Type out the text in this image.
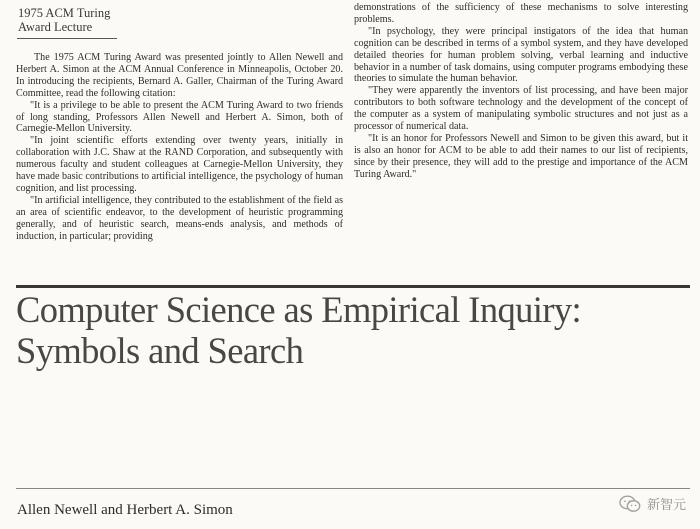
1975 ACM Turing
Award Lecture

The 1975 ACM Turing Award was presented jointly to Allen Newell and Herbert A. Simon at the ACM Annual Conference in Minneapolis, October 20. In introducing the recipients, Bernard A. Galler, Chairman of the Turing Award Committee, read the following citation:

"It is a privilege to be able to present the ACM Turing Award to two friends of long standing, Professors Allen Newell and Herbert A. Simon, both of Carnegie-Mellon University.

"In joint scientific efforts extending over twenty years, initially in collaboration with J.C. Shaw at the RAND Corporation, and subsequently with numerous faculty and student colleagues at Carnegie-Mellon University, they have made basic contributions to artificial intelligence, the psychology of human cognition, and list processing.

"In artificial intelligence, they contributed to the establishment of the field as an area of scientific endeavor, to the development of heuristic programming generally, and of heuristic search, means-ends analysis, and methods of induction, in particular; providing

demonstrations of the sufficiency of these mechanisms to solve interesting problems.

"In psychology, they were principal instigators of the idea that human cognition can be described in terms of a symbol system, and they have developed detailed theories for human problem solving, verbal learning and inductive behavior in a number of task domains, using computer programs embodying these theories to simulate the human behavior.

"They were apparently the inventors of list processing, and have been major contributors to both software technology and the development of the concept of the computer as a system of manipulating symbolic structures and not just as a processor of numerical data.

"It is an honor for Professors Newell and Simon to be given this award, but it is also an honor for ACM to be able to add their names to our list of recipients, since by their presence, they will add to the prestige and importance of the ACM Turing Award."

Computer Science as Empirical Inquiry:
Symbols and Search
Allen Newell and Herbert A. Simon	新智元
